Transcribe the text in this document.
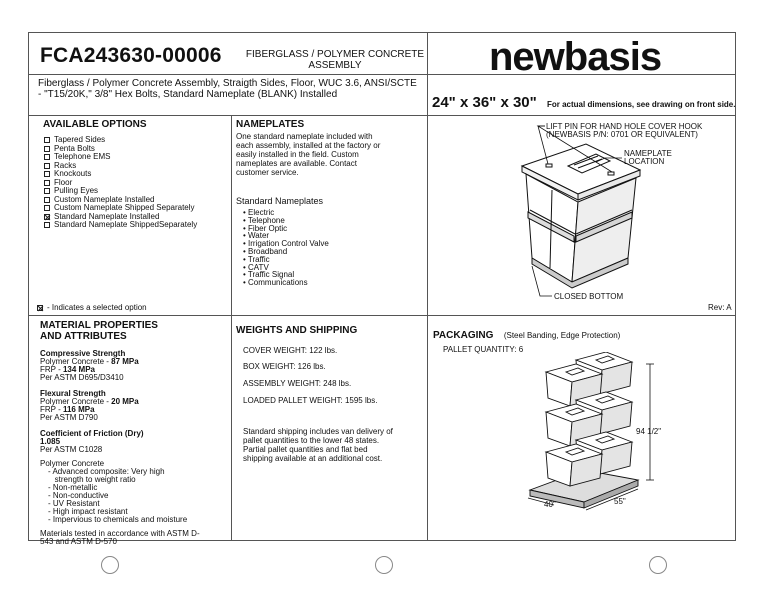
FCA243630-00006 FIBERGLASS / POLYMER CONCRETE ASSEMBLY	newbasis
Fiberglass / Polymer Concrete Assembly, Straigth Sides, Floor, WUC 3.6, ANSI/SCTE - "T15/20K," 3/8" Hex Bolts, Standard Nameplate (BLANK) Installed	24" x 36" x 30" For actual dimensions, see drawing on front side.
AVAILABLE OPTIONS
Tapered Sides
Penta Bolts
Telephone EMS
Racks
Knockouts
Floor
Pulling Eyes
Custom Nameplate Installed
Custom Nameplate Shipped Separately
Standard Nameplate Installed
Standard Nameplate ShippedSeparately
- Indicates a selected option
NAMEPLATES
One standard nameplate included with each assembly, installed at the factory or easily installed in the field. Custom nameplates are available. Contact customer service.
Standard Nameplates
• Electric
• Telephone
• Fiber Optic
• Water
• Irrigation Control Valve
• Broadband
• Traffic
• CATV
• Traffic Signal
• Communications
LIFT PIN FOR HAND HOLE COVER HOOK
(NEWBASIS P/N: 0701 OR EQUIVALENT)
NAMEPLATE
LOCATION
CLOSED BOTTOM
Rev: A
MATERIAL PROPERTIES
AND ATTRIBUTES
Compressive Strength
Polymer Concrete - 87 MPa
FRP - 134 MPa
Per ASTM D695/D3410
Flexural Strength
Polymer Concrete - 20 MPa
FRP - 116 MPa
Per ASTM D790
Coefficient of Friction (Dry)
1.085
Per ASTM C1028
Polymer Concrete
- Advanced composite: Very high
strength to weight ratio
- Non-metallic
- Non-conductive
- UV Resistant
- High impact resistant
- Impervious to chemicals and moisture
Materials tested in accordance with ASTM D-543 and ASTM D-570
WEIGHTS AND SHIPPING
COVER WEIGHT: 122 lbs.
BOX WEIGHT: 126 lbs.
ASSEMBLY WEIGHT: 248 lbs.
LOADED PALLET WEIGHT: 1595 lbs.
Standard shipping includes van delivery of pallet quantities to the lower 48 states. Partial pallet quantities and flat bed shipping available at an additional cost.
PACKAGING (Steel Banding, Edge Protection)
PALLET QUANTITY: 6
94 1/2"
40"	55"
